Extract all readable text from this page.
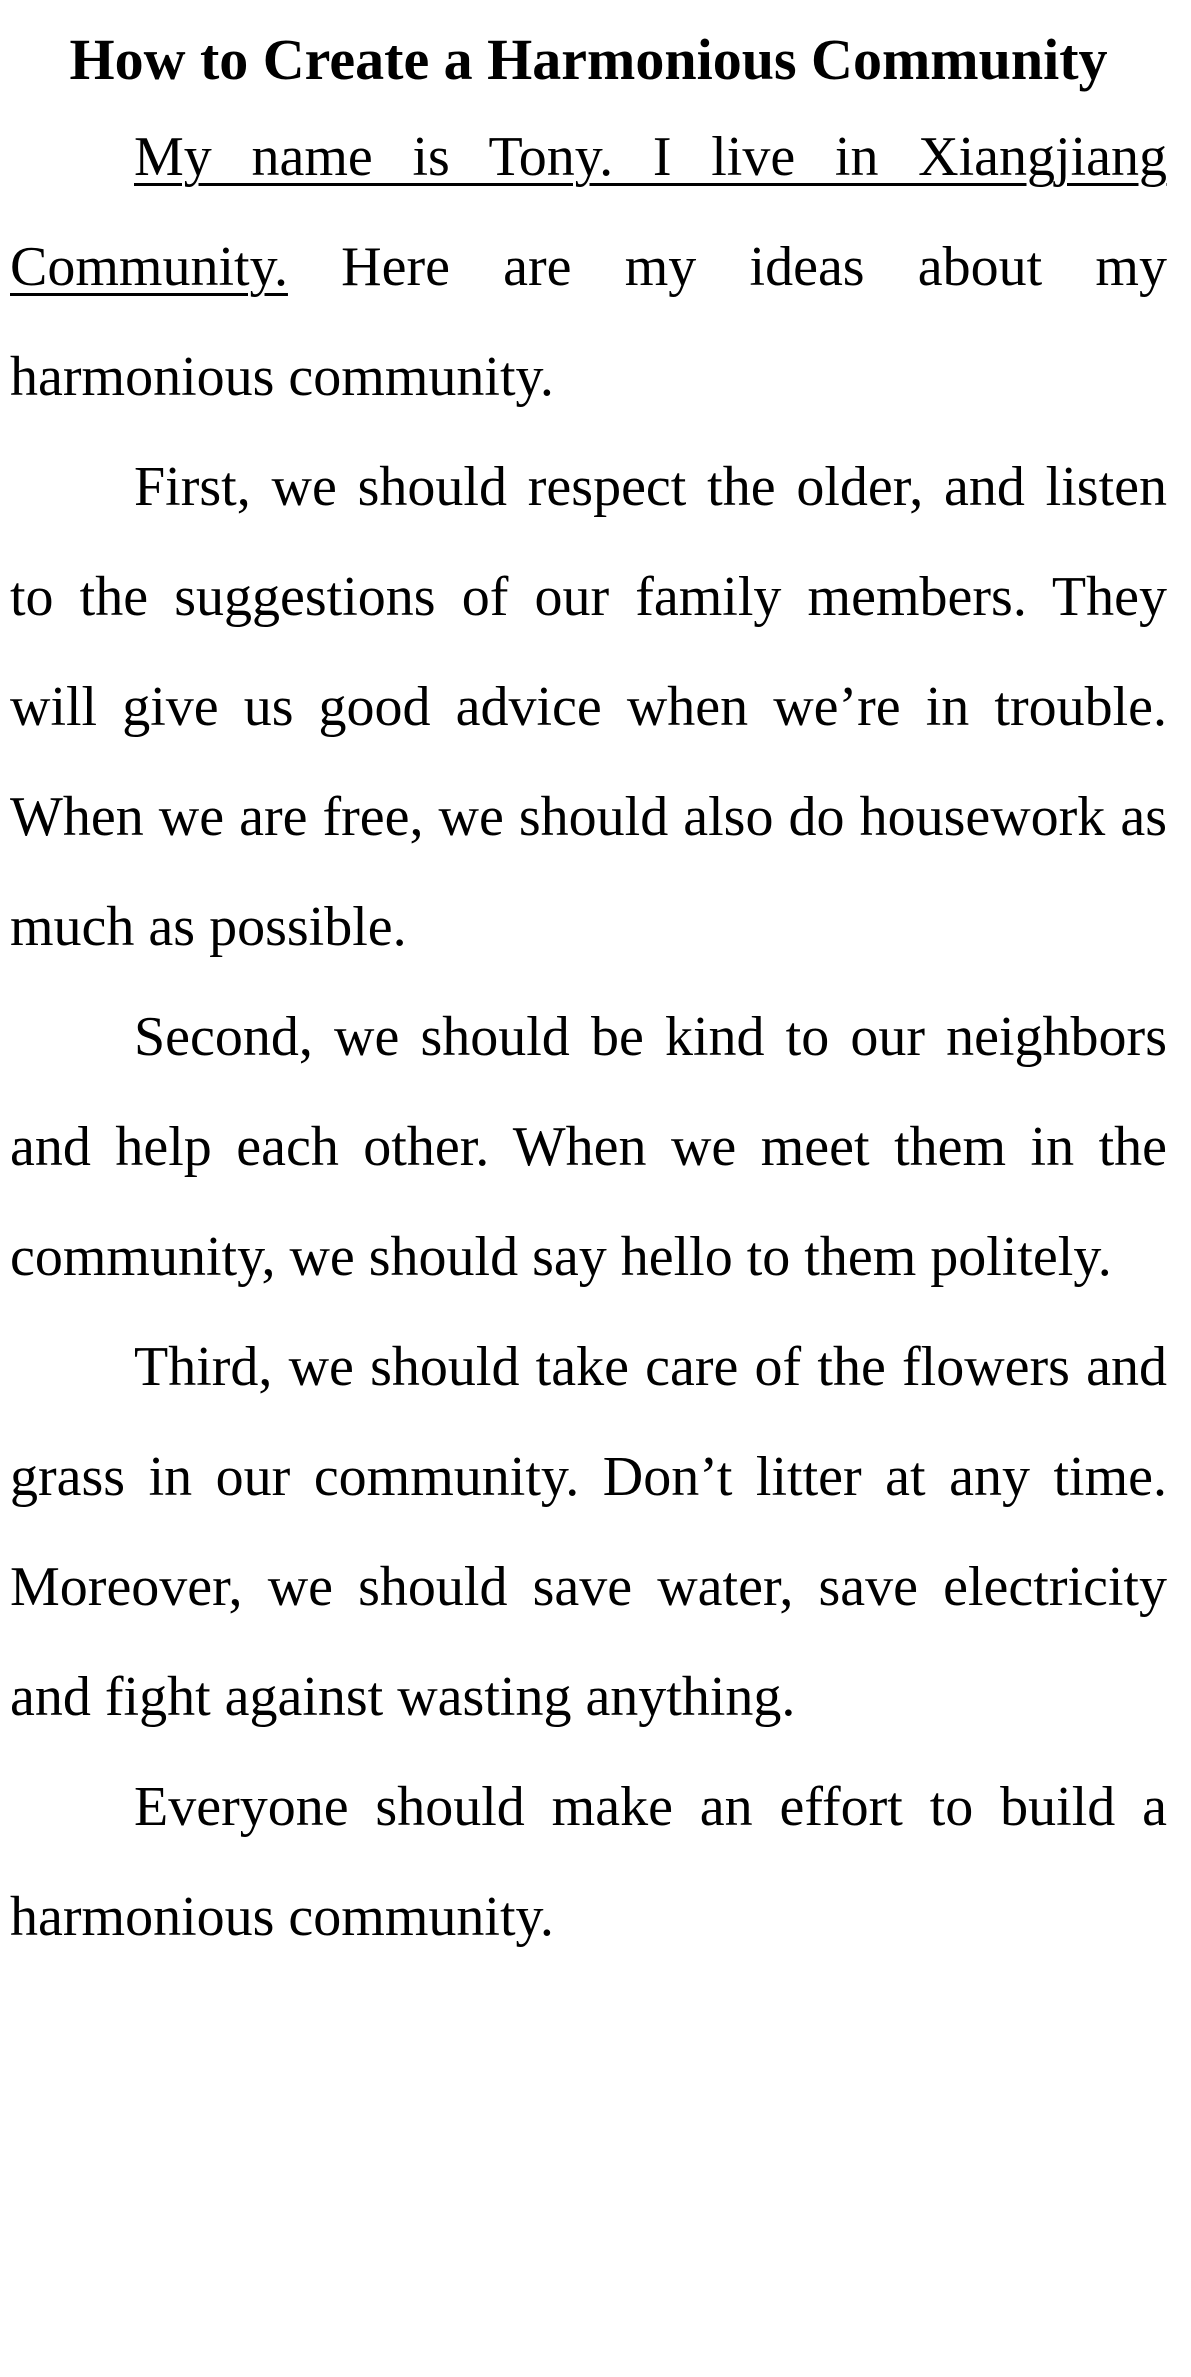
How to Create a Harmonious Community

My name is Tony. I live in Xiangjiang Community. Here are my ideas about my harmonious community.

First, we should respect the older, and listen to the suggestions of our family members. They will give us good advice when we’re in trouble. When we are free, we should also do housework as much as possible.

Second, we should be kind to our neighbors and help each other. When we meet them in the community, we should say hello to them politely.

Third, we should take care of the flowers and grass in our community. Don’t litter at any time. Moreover, we should save water, save electricity and fight against wasting anything.

Everyone should make an effort to build a harmonious community.
